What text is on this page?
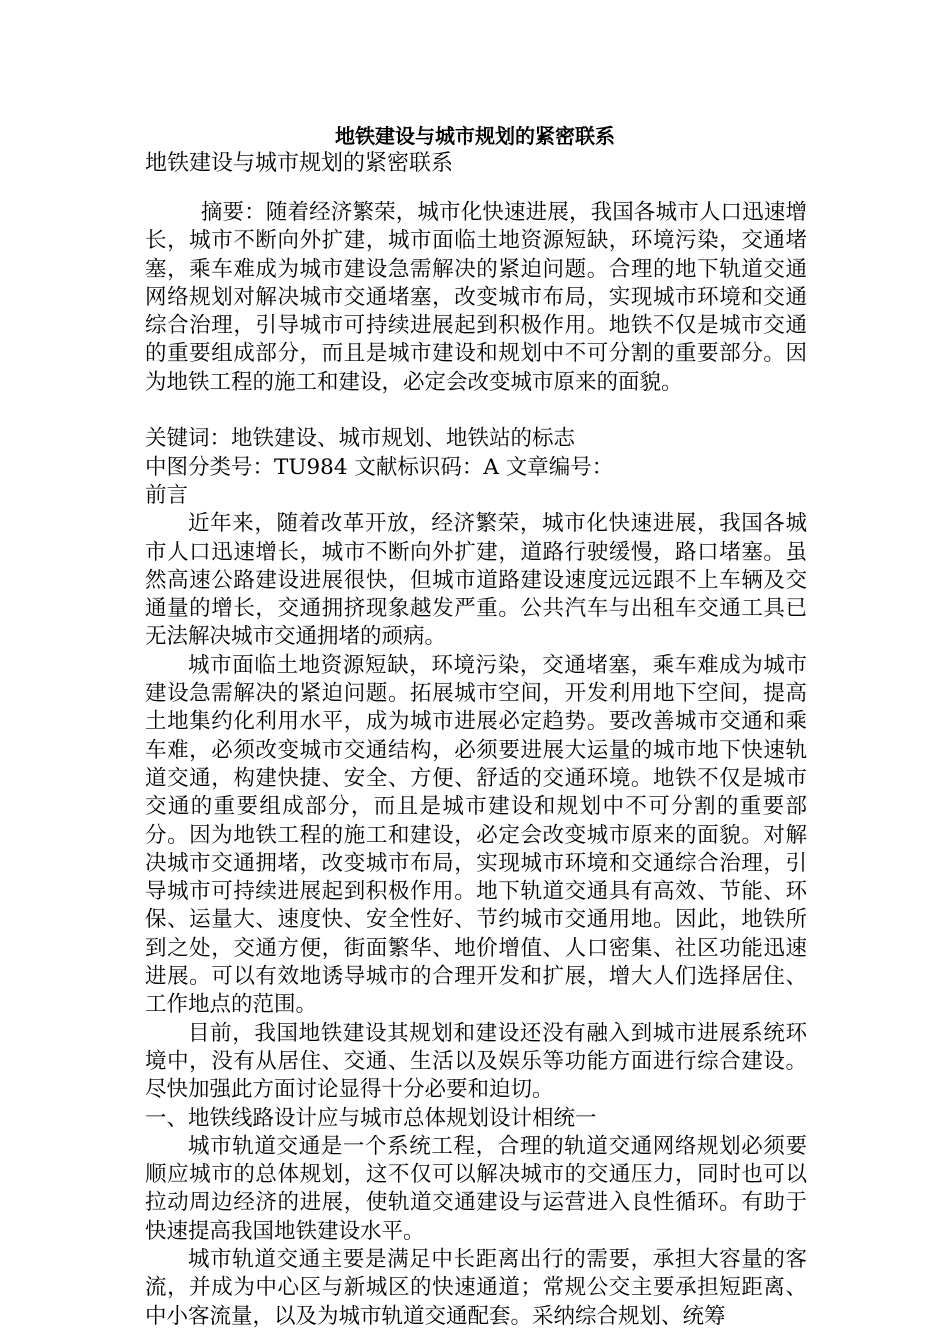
地铁建设与城市规划的紧密联系
地铁建设与城市规划的紧密联系

摘要：随着经济繁荣，城市化快速进展，我国各城市人口迅速增长，城市不断向外扩建，城市面临土地资源短缺，环境污染，交通堵塞，乘车难成为城市建设急需解决的紧迫问题。合理的地下轨道交通网络规划对解决城市交通堵塞，改变城市布局，实现城市环境和交通综合治理，引导城市可持续进展起到积极作用。地铁不仅是城市交通的重要组成部分，而且是城市建设和规划中不可分割的重要部分。因为地铁工程的施工和建设，必定会改变城市原来的面貌。

关键词：地铁建设、城市规划、地铁站的标志

中图分类号：TU984 文献标识码：A 文章编号：

前言

近年来，随着改革开放，经济繁荣，城市化快速进展，我国各城市人口迅速增长，城市不断向外扩建，道路行驶缓慢，路口堵塞。虽然高速公路建设进展很快，但城市道路建设速度远远跟不上车辆及交通量的增长，交通拥挤现象越发严重。公共汽车与出租车交通工具已无法解决城市交通拥堵的顽病。

城市面临土地资源短缺，环境污染，交通堵塞，乘车难成为城市建设急需解决的紧迫问题。拓展城市空间，开发利用地下空间，提高土地集约化利用水平，成为城市进展必定趋势。要改善城市交通和乘车难，必须改变城市交通结构，必须要进展大运量的城市地下快速轨道交通，构建快捷、安全、方便、舒适的交通环境。地铁不仅是城市交通的重要组成部分，而且是城市建设和规划中不可分割的重要部分。因为地铁工程的施工和建设，必定会改变城市原来的面貌。对解决城市交通拥堵，改变城市布局，实现城市环境和交通综合治理，引导城市可持续进展起到积极作用。地下轨道交通具有高效、节能、环保、运量大、速度快、安全性好、节约城市交通用地。因此，地铁所到之处，交通方便，街面繁华、地价增值、人口密集、社区功能迅速进展。可以有效地诱导城市的合理开发和扩展，增大人们选择居住、工作地点的范围。

目前，我国地铁建设其规划和建设还没有融入到城市进展系统环境中，没有从居住、交通、生活以及娱乐等功能方面进行综合建设。尽快加强此方面讨论显得十分必要和迫切。

一、地铁线路设计应与城市总体规划设计相统一

城市轨道交通是一个系统工程，合理的轨道交通网络规划必须要顺应城市的总体规划，这不仅可以解决城市的交通压力，同时也可以拉动周边经济的进展，使轨道交通建设与运营进入良性循环。有助于快速提高我国地铁建设水平。

城市轨道交通主要是满足中长距离出行的需要，承担大容量的客流，并成为中心区与新城区的快速通道；常规公交主要承担短距离、中小客流量，以及为城市轨道交通配套。采纳综合规划、统筹
